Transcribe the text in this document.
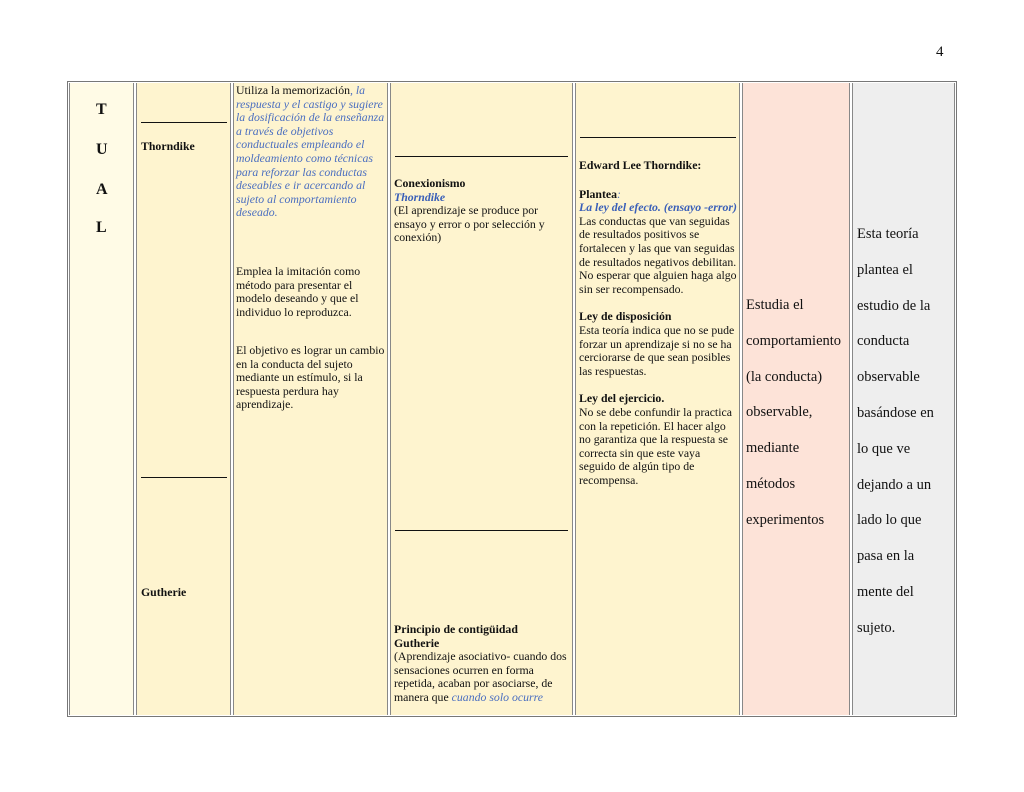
4
T
U
A
L
Thorndike
Gutherie
Utiliza la memorización, la respuesta y el castigo y sugiere la dosificación de la enseñanza a través de objetivos conductuales empleando el moldeamiento como técnicas para reforzar las conductas deseables e ir acercando al sujeto al comportamiento deseado.
Emplea la imitación como método para presentar el modelo deseando y que el individuo lo reproduzca.
El objetivo es lograr un cambio en la conducta del sujeto mediante un estímulo, si la respuesta perdura hay aprendizaje.

Conexionismo

Thorndike

(El aprendizaje se produce por ensayo y error o por selección y conexión)

Principio de contigüidad

Gutherie

(Aprendizaje asociativo- cuando dos sensaciones ocurren en forma repetida, acaban por asociarse, de manera que cuando solo ocurre

Edward Lee Thorndike:

Plantea:

La ley del efecto. (ensayo -error)

Las conductas que van seguidas de resultados positivos se fortalecen y las que van seguidas de resultados negativos debilitan. No esperar que alguien haga algo sin ser recompensado.

Ley de disposición

Esta teoría indica que no se pude forzar un aprendizaje si no se ha cerciorarse de que sean posibles las respuestas.

Ley del ejercicio.

No se debe confundir la practica con la repetición. El hacer algo no garantiza que la respuesta se correcta sin que este vaya seguido de algún tipo de recompensa.

Estudia el
comportamiento
(la conducta)
observable,
mediante
métodos
experimentos
Esta teoría
plantea el
estudio de la
conducta
observable
basándose en
lo que ve
dejando a un
lado lo que
pasa en la
mente del
sujeto.
